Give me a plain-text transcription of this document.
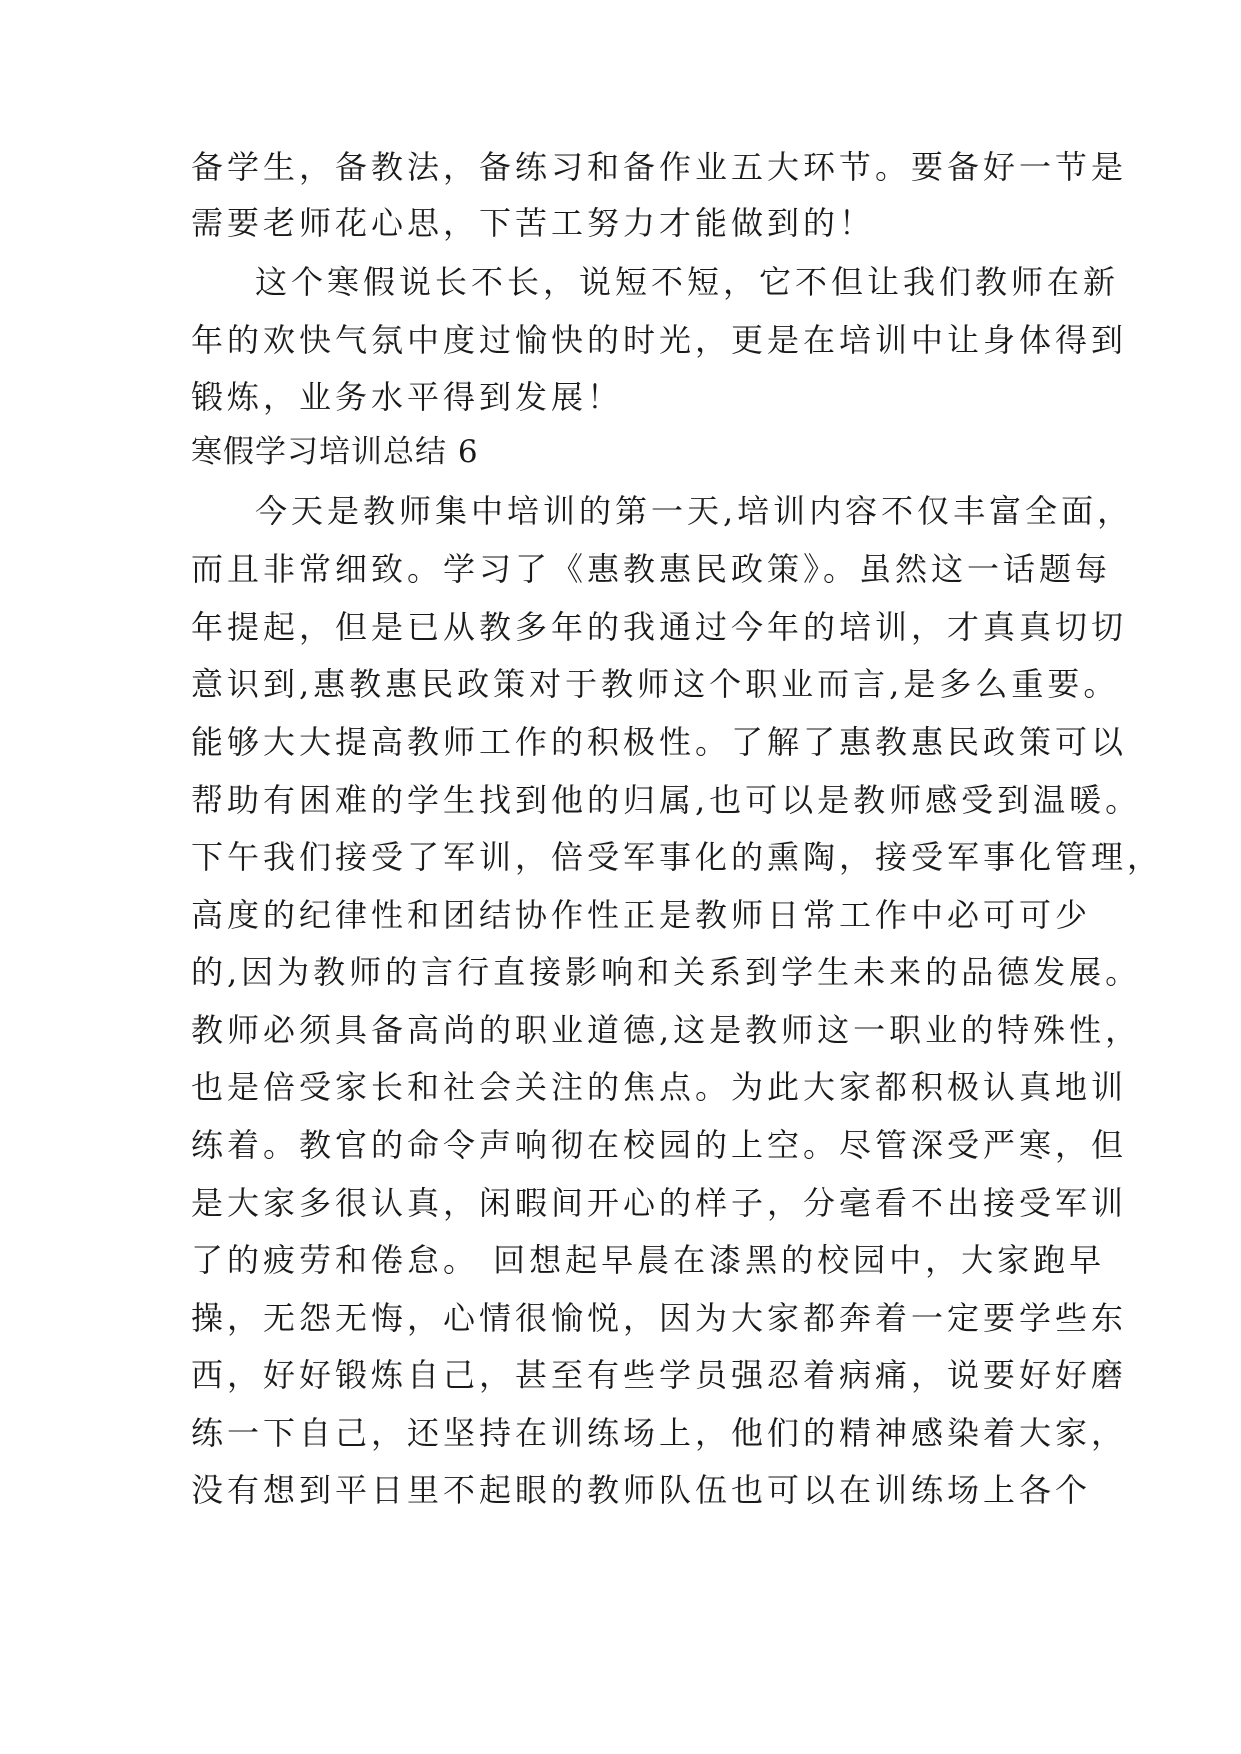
备学生，备教法，备练习和备作业五大环节。要备好一节是
需要老师花心思，下苦工努力才能做到的！
这个寒假说长不长，说短不短，它不但让我们教师在新
年的欢快气氛中度过愉快的时光，更是在培训中让身体得到
锻炼，业务水平得到发展！
寒假学习培训总结 6
今天是教师集中培训的第一天,培训内容不仅丰富全面，
而且非常细致。学习了《惠教惠民政策》。虽然这一话题每
年提起，但是已从教多年的我通过今年的培训，才真真切切
意识到,惠教惠民政策对于教师这个职业而言,是多么重要。
能够大大提高教师工作的积极性。了解了惠教惠民政策可以
帮助有困难的学生找到他的归属,也可以是教师感受到温暖。
下午我们接受了军训，倍受军事化的熏陶，接受军事化管理，
高度的纪律性和团结协作性正是教师日常工作中必可可少
的,因为教师的言行直接影响和关系到学生未来的品德发展。
教师必须具备高尚的职业道德,这是教师这一职业的特殊性，
也是倍受家长和社会关注的焦点。为此大家都积极认真地训
练着。教官的命令声响彻在校园的上空。尽管深受严寒，但
是大家多很认真，闲暇间开心的样子，分毫看不出接受军训
了的疲劳和倦怠。 回想起早晨在漆黑的校园中，大家跑早
操，无怨无悔，心情很愉悦，因为大家都奔着一定要学些东
西，好好锻炼自己，甚至有些学员强忍着病痛，说要好好磨
练一下自己，还坚持在训练场上，他们的精神感染着大家，
没有想到平日里不起眼的教师队伍也可以在训练场上各个
